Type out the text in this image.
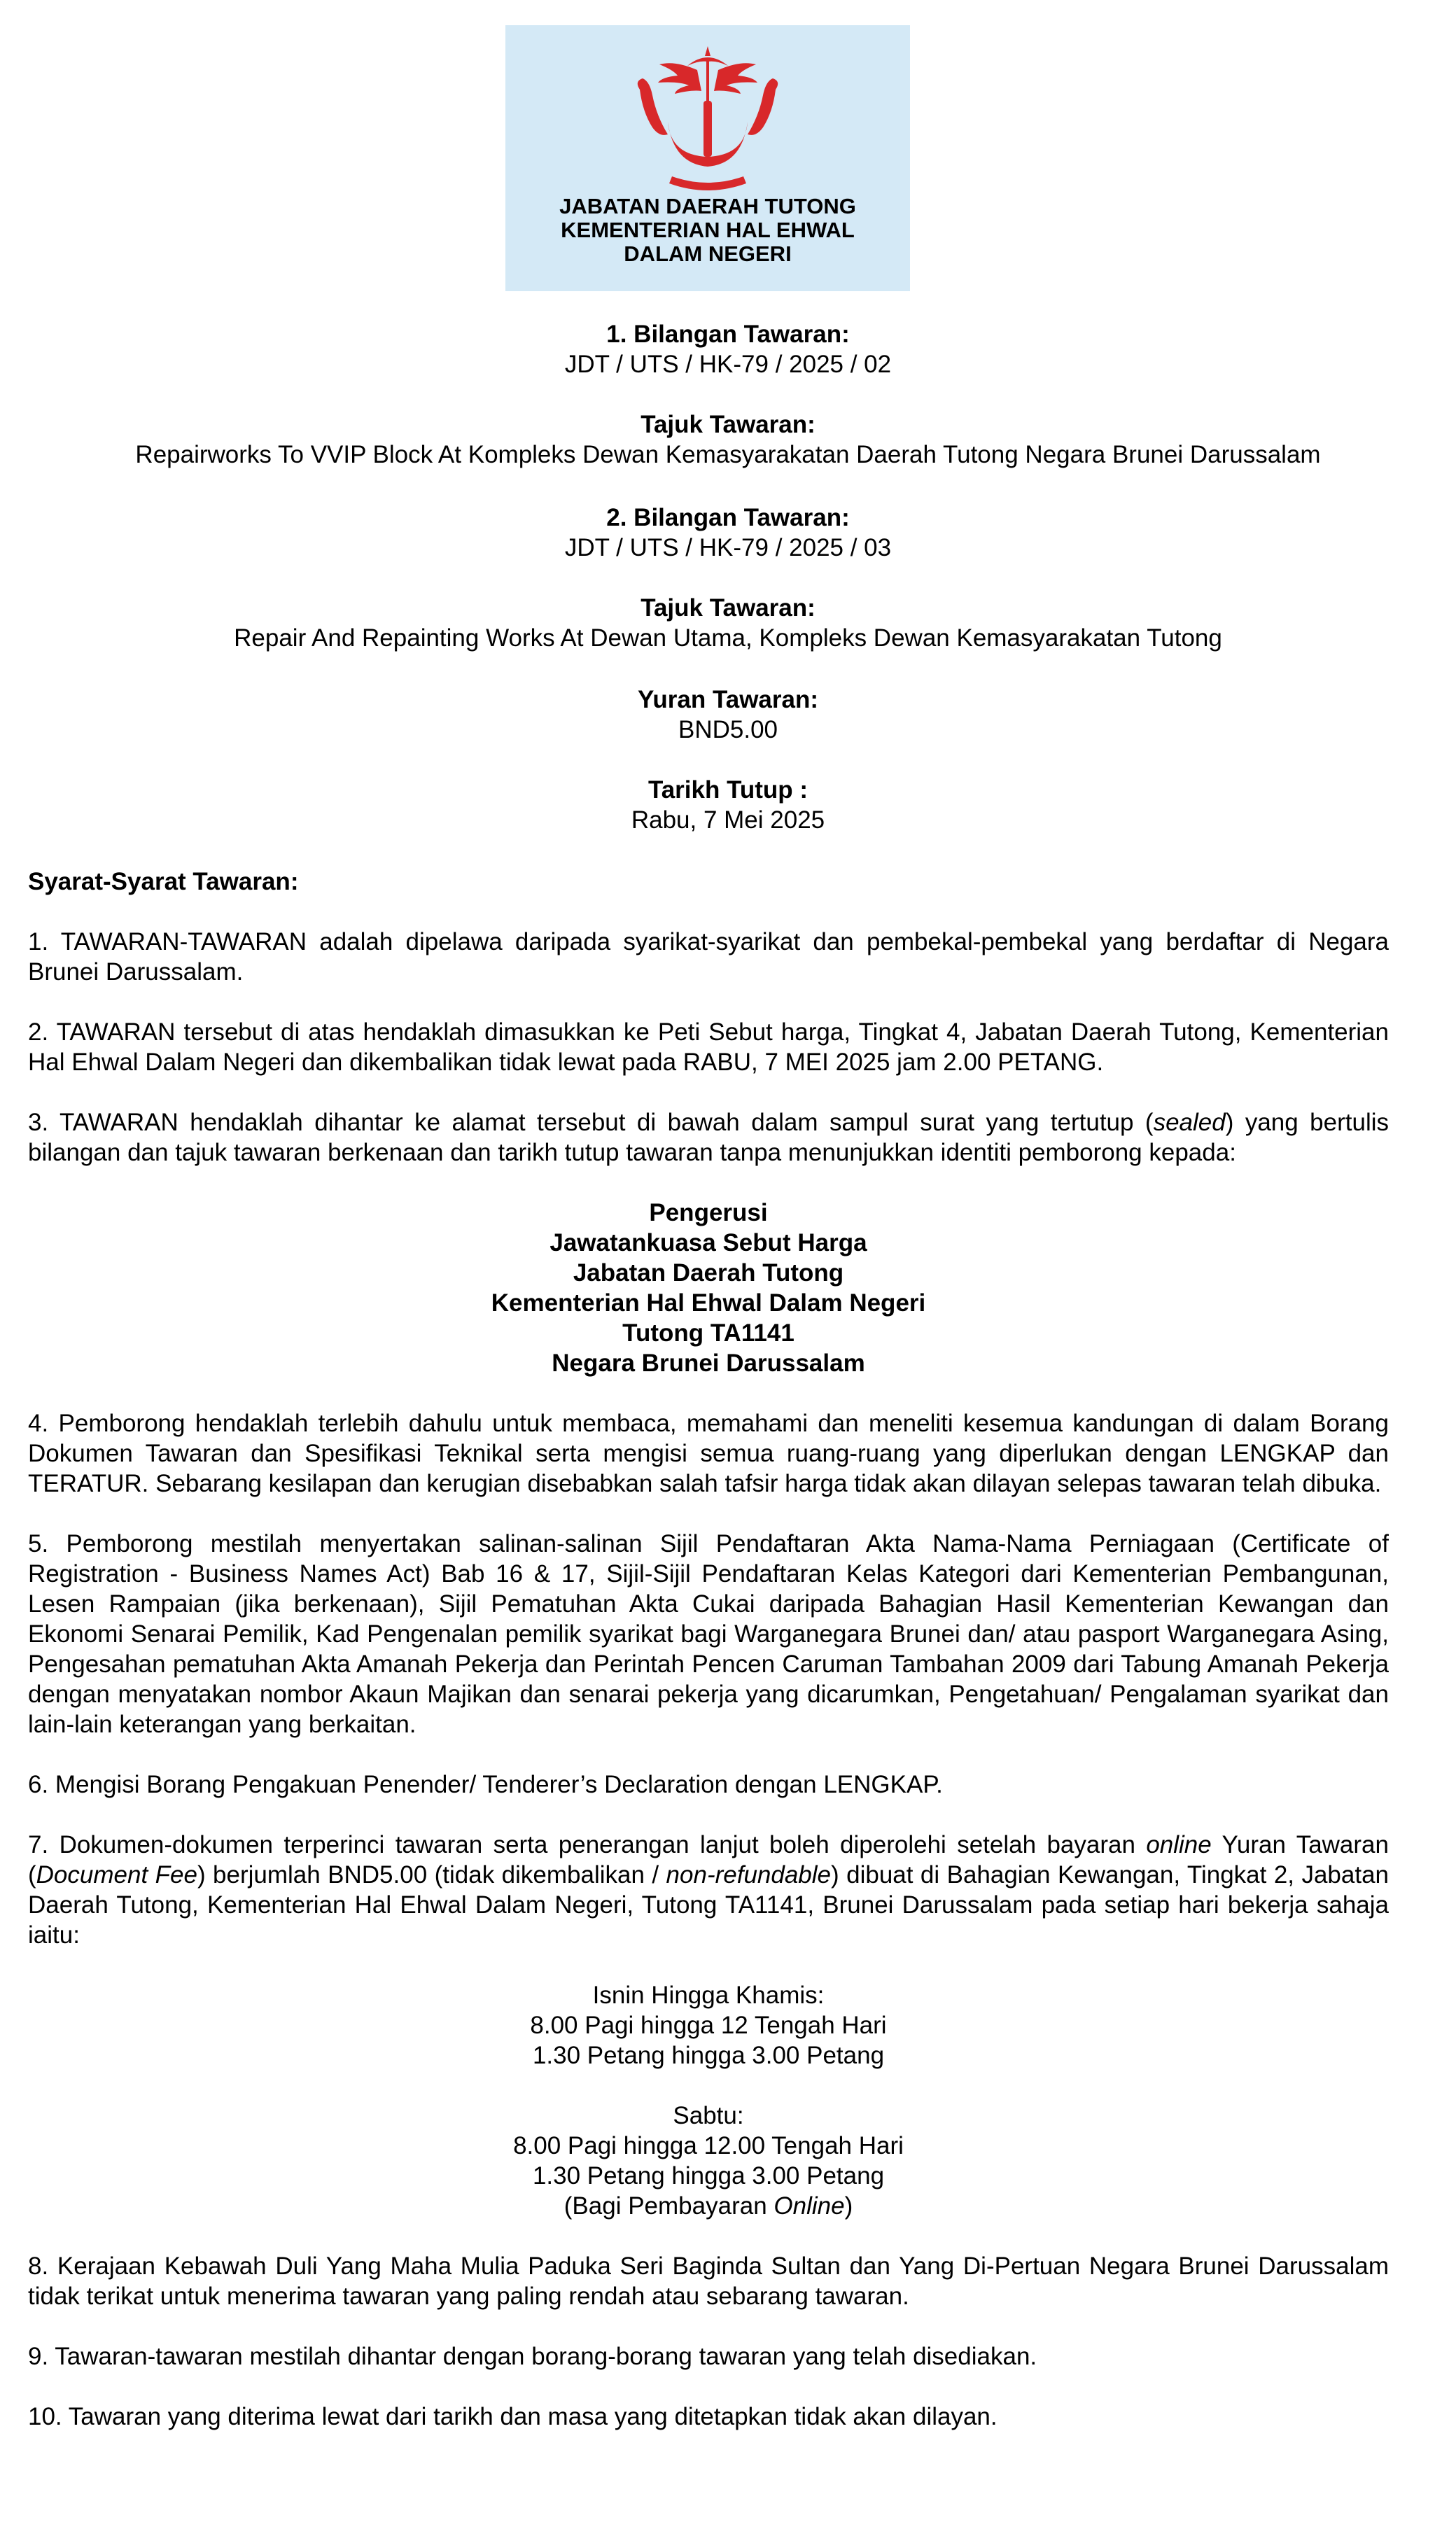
JABATAN DAERAH TUTONG
KEMENTERIAN HAL EHWAL
DALAM NEGERI
1. Bilangan Tawaran:
JDT / UTS / HK-79 / 2025 / 02
Tajuk Tawaran:
Repairworks To VVIP Block At Kompleks Dewan Kemasyarakatan Daerah Tutong Negara Brunei Darussalam
2. Bilangan Tawaran:
JDT / UTS / HK-79 / 2025 / 03
Tajuk Tawaran:
Repair And Repainting Works At Dewan Utama, Kompleks Dewan Kemasyarakatan Tutong
Yuran Tawaran:
BND5.00
Tarikh Tutup :
Rabu, 7 Mei 2025

Syarat-Syarat Tawaran:

1. TAWARAN-TAWARAN adalah dipelawa daripada syarikat-syarikat dan pembekal-pembekal yang berdaftar di Negara Brunei Darussalam.

2. TAWARAN tersebut di atas hendaklah dimasukkan ke Peti Sebut harga, Tingkat 4, Jabatan Daerah Tutong, Kementerian Hal Ehwal Dalam Negeri dan dikembalikan tidak lewat pada RABU, 7 MEI 2025 jam 2.00 PETANG.

3. TAWARAN hendaklah dihantar ke alamat tersebut di bawah dalam sampul surat yang tertutup (sealed) yang bertulis bilangan dan tajuk tawaran berkenaan dan tarikh tutup tawaran tanpa menunjukkan identiti pemborong kepada:

Pengerusi
Jawatankuasa Sebut Harga
Jabatan Daerah Tutong
Kementerian Hal Ehwal Dalam Negeri
Tutong TA1141
Negara Brunei Darussalam

4. Pemborong hendaklah terlebih dahulu untuk membaca, memahami dan meneliti kesemua kandungan di dalam Borang Dokumen Tawaran dan Spesifikasi Teknikal serta mengisi semua ruang-ruang yang diperlukan dengan LENGKAP dan TERATUR. Sebarang kesilapan dan kerugian disebabkan salah tafsir harga tidak akan dilayan selepas tawaran telah dibuka.

5. Pemborong mestilah menyertakan salinan-salinan Sijil Pendaftaran Akta Nama-Nama Perniagaan (Certificate of Registration - Business Names Act) Bab 16 & 17, Sijil-Sijil Pendaftaran Kelas Kategori dari Kementerian Pembangunan, Lesen Rampaian (jika berkenaan), Sijil Pematuhan Akta Cukai daripada Bahagian Hasil Kementerian Kewangan dan Ekonomi Senarai Pemilik, Kad Pengenalan pemilik syarikat bagi Warganegara Brunei dan/ atau pasport Warganegara Asing, Pengesahan pematuhan Akta Amanah Pekerja dan Perintah Pencen Caruman Tambahan 2009 dari Tabung Amanah Pekerja dengan menyatakan nombor Akaun Majikan dan senarai pekerja yang dicarumkan, Pengetahuan/ Pengalaman syarikat dan lain-lain keterangan yang berkaitan.

6. Mengisi Borang Pengakuan Penender/ Tenderer’s Declaration dengan LENGKAP.

7. Dokumen-dokumen terperinci tawaran serta penerangan lanjut boleh diperolehi setelah bayaran online Yuran Tawaran (Document Fee) berjumlah BND5.00 (tidak dikembalikan / non-refundable) dibuat di Bahagian Kewangan, Tingkat 2, Jabatan Daerah Tutong, Kementerian Hal Ehwal Dalam Negeri, Tutong TA1141, Brunei Darussalam pada setiap hari bekerja sahaja iaitu:

Isnin Hingga Khamis:
8.00 Pagi hingga 12 Tengah Hari
1.30 Petang hingga 3.00 Petang
Sabtu:
8.00 Pagi hingga 12.00 Tengah Hari
1.30 Petang hingga 3.00 Petang
(Bagi Pembayaran Online)

8. Kerajaan Kebawah Duli Yang Maha Mulia Paduka Seri Baginda Sultan dan Yang Di-Pertuan Negara Brunei Darussalam tidak terikat untuk menerima tawaran yang paling rendah atau sebarang tawaran.

9. Tawaran-tawaran mestilah dihantar dengan borang-borang tawaran yang telah disediakan.

10. Tawaran yang diterima lewat dari tarikh dan masa yang ditetapkan tidak akan dilayan.
